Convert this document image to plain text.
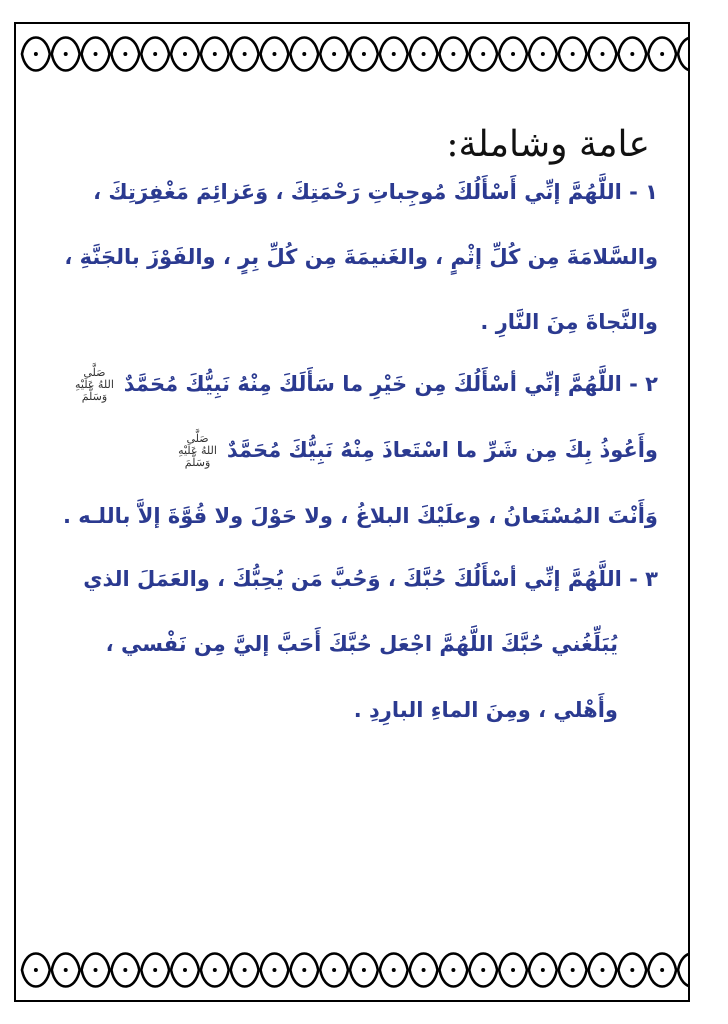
عامة وشاملة:

١ - اللَّهُمَّ إنِّي أَسْأَلُكَ مُوجِباتِ رَحْمَتِكَ ، وَعَزائِمَ مَغْفِرَتِكَ ،

والسَّلامَةَ مِن كُلِّ إثْمٍ ، والغَنيمَةَ مِن كُلِّ بِرٍ ، والفَوْزَ بالجَنَّةِ ،

والنَّجاةَ مِنَ النَّارِ .

٢ - اللَّهُمَّ إنِّي أسْأَلُكَ مِن خَيْرِ ما سَأَلَكَ مِنْهُ نَبِيُّكَ مُحَمَّدٌ صَلَّى اللهُ عَلَيْهِ وَسَلَّمَ

وأَعُوذُ بِكَ مِن شَرِّ ما اسْتَعاذَ مِنْهُ نَبِيُّكَ مُحَمَّدٌ صَلَّى اللهُ عَلَيْهِ وَسَلَّمَ

وَأَنْتَ المُسْتَعانُ ، وعلَيْكَ البلاغُ ، ولا حَوْلَ ولا قُوَّةَ إلاَّ باللـه .

٣ - اللَّهُمَّ إنِّي أسْأَلُكَ حُبَّكَ ، وَحُبَّ مَن يُحِبُّكَ ، والعَمَلَ الذي

يُبَلِّغُني حُبَّكَ اللَّهُمَّ اجْعَل حُبَّكَ أَحَبَّ إليَّ مِن نَفْسي ،

وأَهْلي ، ومِنَ الماءِ البارِدِ .
